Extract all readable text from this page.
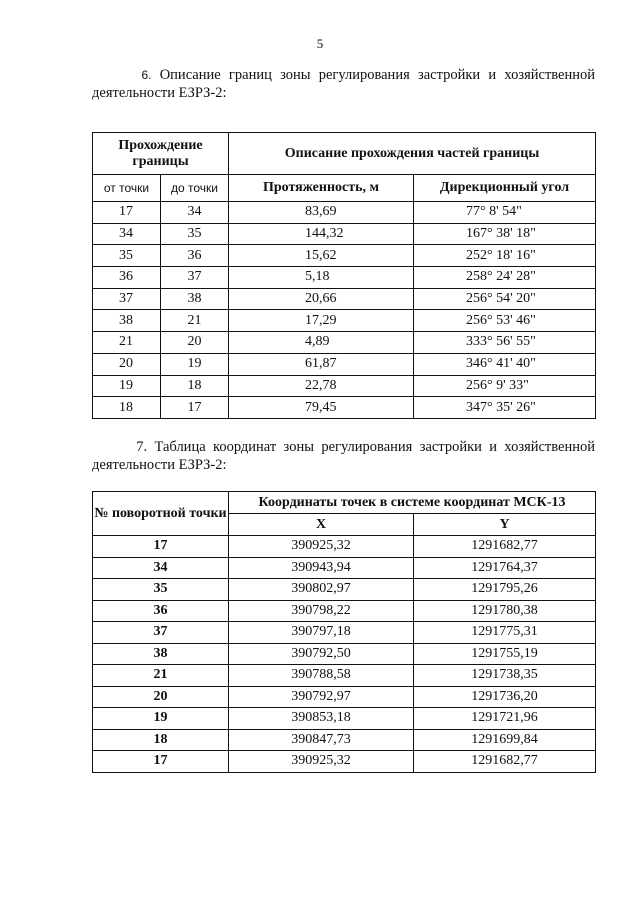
5

6. Описание границ зоны регулирования застройки и хозяйственной деятельности ЕЗРЗ-2:

Прохождение границы		Описание прохождения частей границы	
от точки	до точки	Протяженность, м	Дирекционный угол
17	34	83,69	77° 8' 54"
34	35	144,32	167° 38' 18"
35	36	15,62	252° 18' 16"
36	37	5,18	258° 24' 28"
37	38	20,66	256° 54' 20"
38	21	17,29	256° 53' 46"
21	20	4,89	333° 56' 55"
20	19	61,87	346° 41' 40"
19	18	22,78	256° 9' 33"
18	17	79,45	347° 35' 26"

7. Таблица координат зоны регулирования застройки и хозяйственной деятельности ЕЗРЗ-2:

№ поворотной точки	Координаты точек в системе координат МСК-13	
	X	Y
17	390925,32	1291682,77
34	390943,94	1291764,37
35	390802,97	1291795,26
36	390798,22	1291780,38
37	390797,18	1291775,31
38	390792,50	1291755,19
21	390788,58	1291738,35
20	390792,97	1291736,20
19	390853,18	1291721,96
18	390847,73	1291699,84
17	390925,32	1291682,77
